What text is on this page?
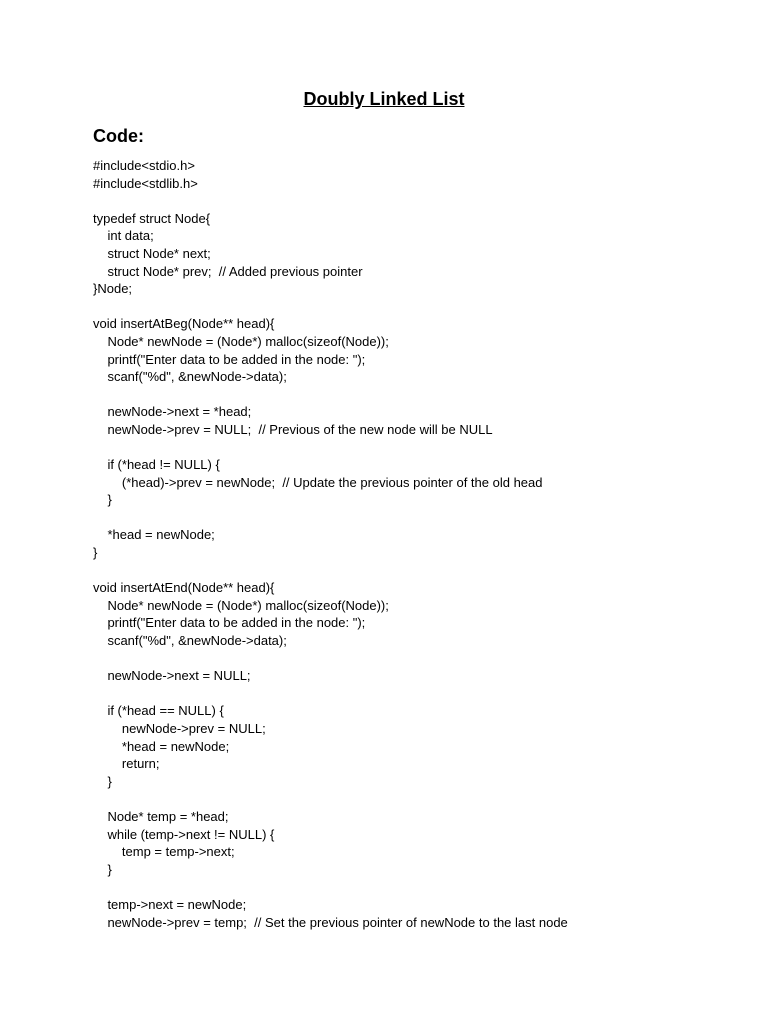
Doubly Linked List
Code:
#include<stdio.h>
#include<stdlib.h>
typedef struct Node{
int data;
struct Node* next;
struct Node* prev;  // Added previous pointer
}Node;
void insertAtBeg(Node** head){
Node* newNode = (Node*) malloc(sizeof(Node));
printf("Enter data to be added in the node: ");
scanf("%d", &newNode->data);
newNode->next = *head;
newNode->prev = NULL;  // Previous of the new node will be NULL
if (*head != NULL) {
(*head)->prev = newNode;  // Update the previous pointer of the old head
}
*head = newNode;
}
void insertAtEnd(Node** head){
Node* newNode = (Node*) malloc(sizeof(Node));
printf("Enter data to be added in the node: ");
scanf("%d", &newNode->data);
newNode->next = NULL;
if (*head == NULL) {
newNode->prev = NULL;
*head = newNode;
return;
}
Node* temp = *head;
while (temp->next != NULL) {
temp = temp->next;
}
temp->next = newNode;
newNode->prev = temp;  // Set the previous pointer of newNode to the last node
